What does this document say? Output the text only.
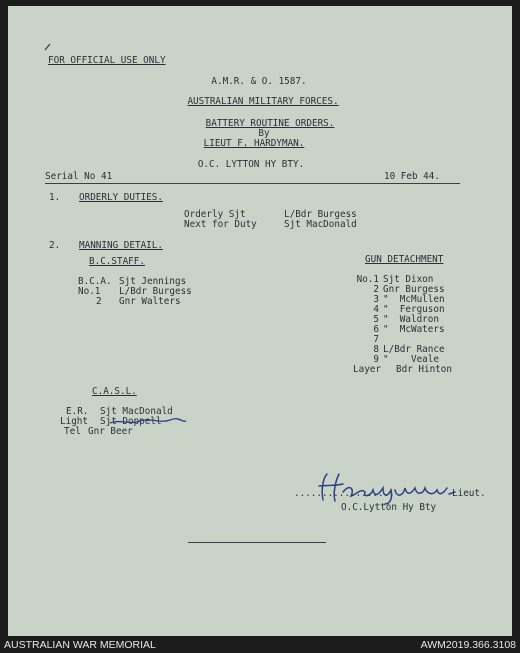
FOR OFFICIAL USE ONLY
A.M.R. & O. 1587.
AUSTRALIAN MILITARY FORCES.
BATTERY ROUTINE ORDERS.
By
LIEUT F. HARDYMAN.
O.C. LYTTON HY BTY.
Serial No 41	10 Feb 44.
1. ORDERLY DUTIES.
Orderly Sjt	L/Bdr Burgess
Next for Duty	Sjt MacDonald
2. MANNING DETAIL.
B.C.STAFF.
B.C.A. Sjt Jennings
No.1 L/Bdr Burgess
2 Gnr Walters
GUN DETACHMENT
No.1 Sjt Dixon
2 Gnr Burgess
3 "  McMullen
4 "  Ferguson
5 "  Waldron
6 "  McWaters
7
8 L/Bdr Rance
9 "    Veale
Layer Bdr Hinton
C.A.S.L.
E.R. Sjt MacDonald
Light Sjt Doppell
Tel Gnr Beer
..................	Lieut.
O.C.Lytton Hy Bty
AUSTRALIAN WAR MEMORIAL	AWM2019.366.3108
